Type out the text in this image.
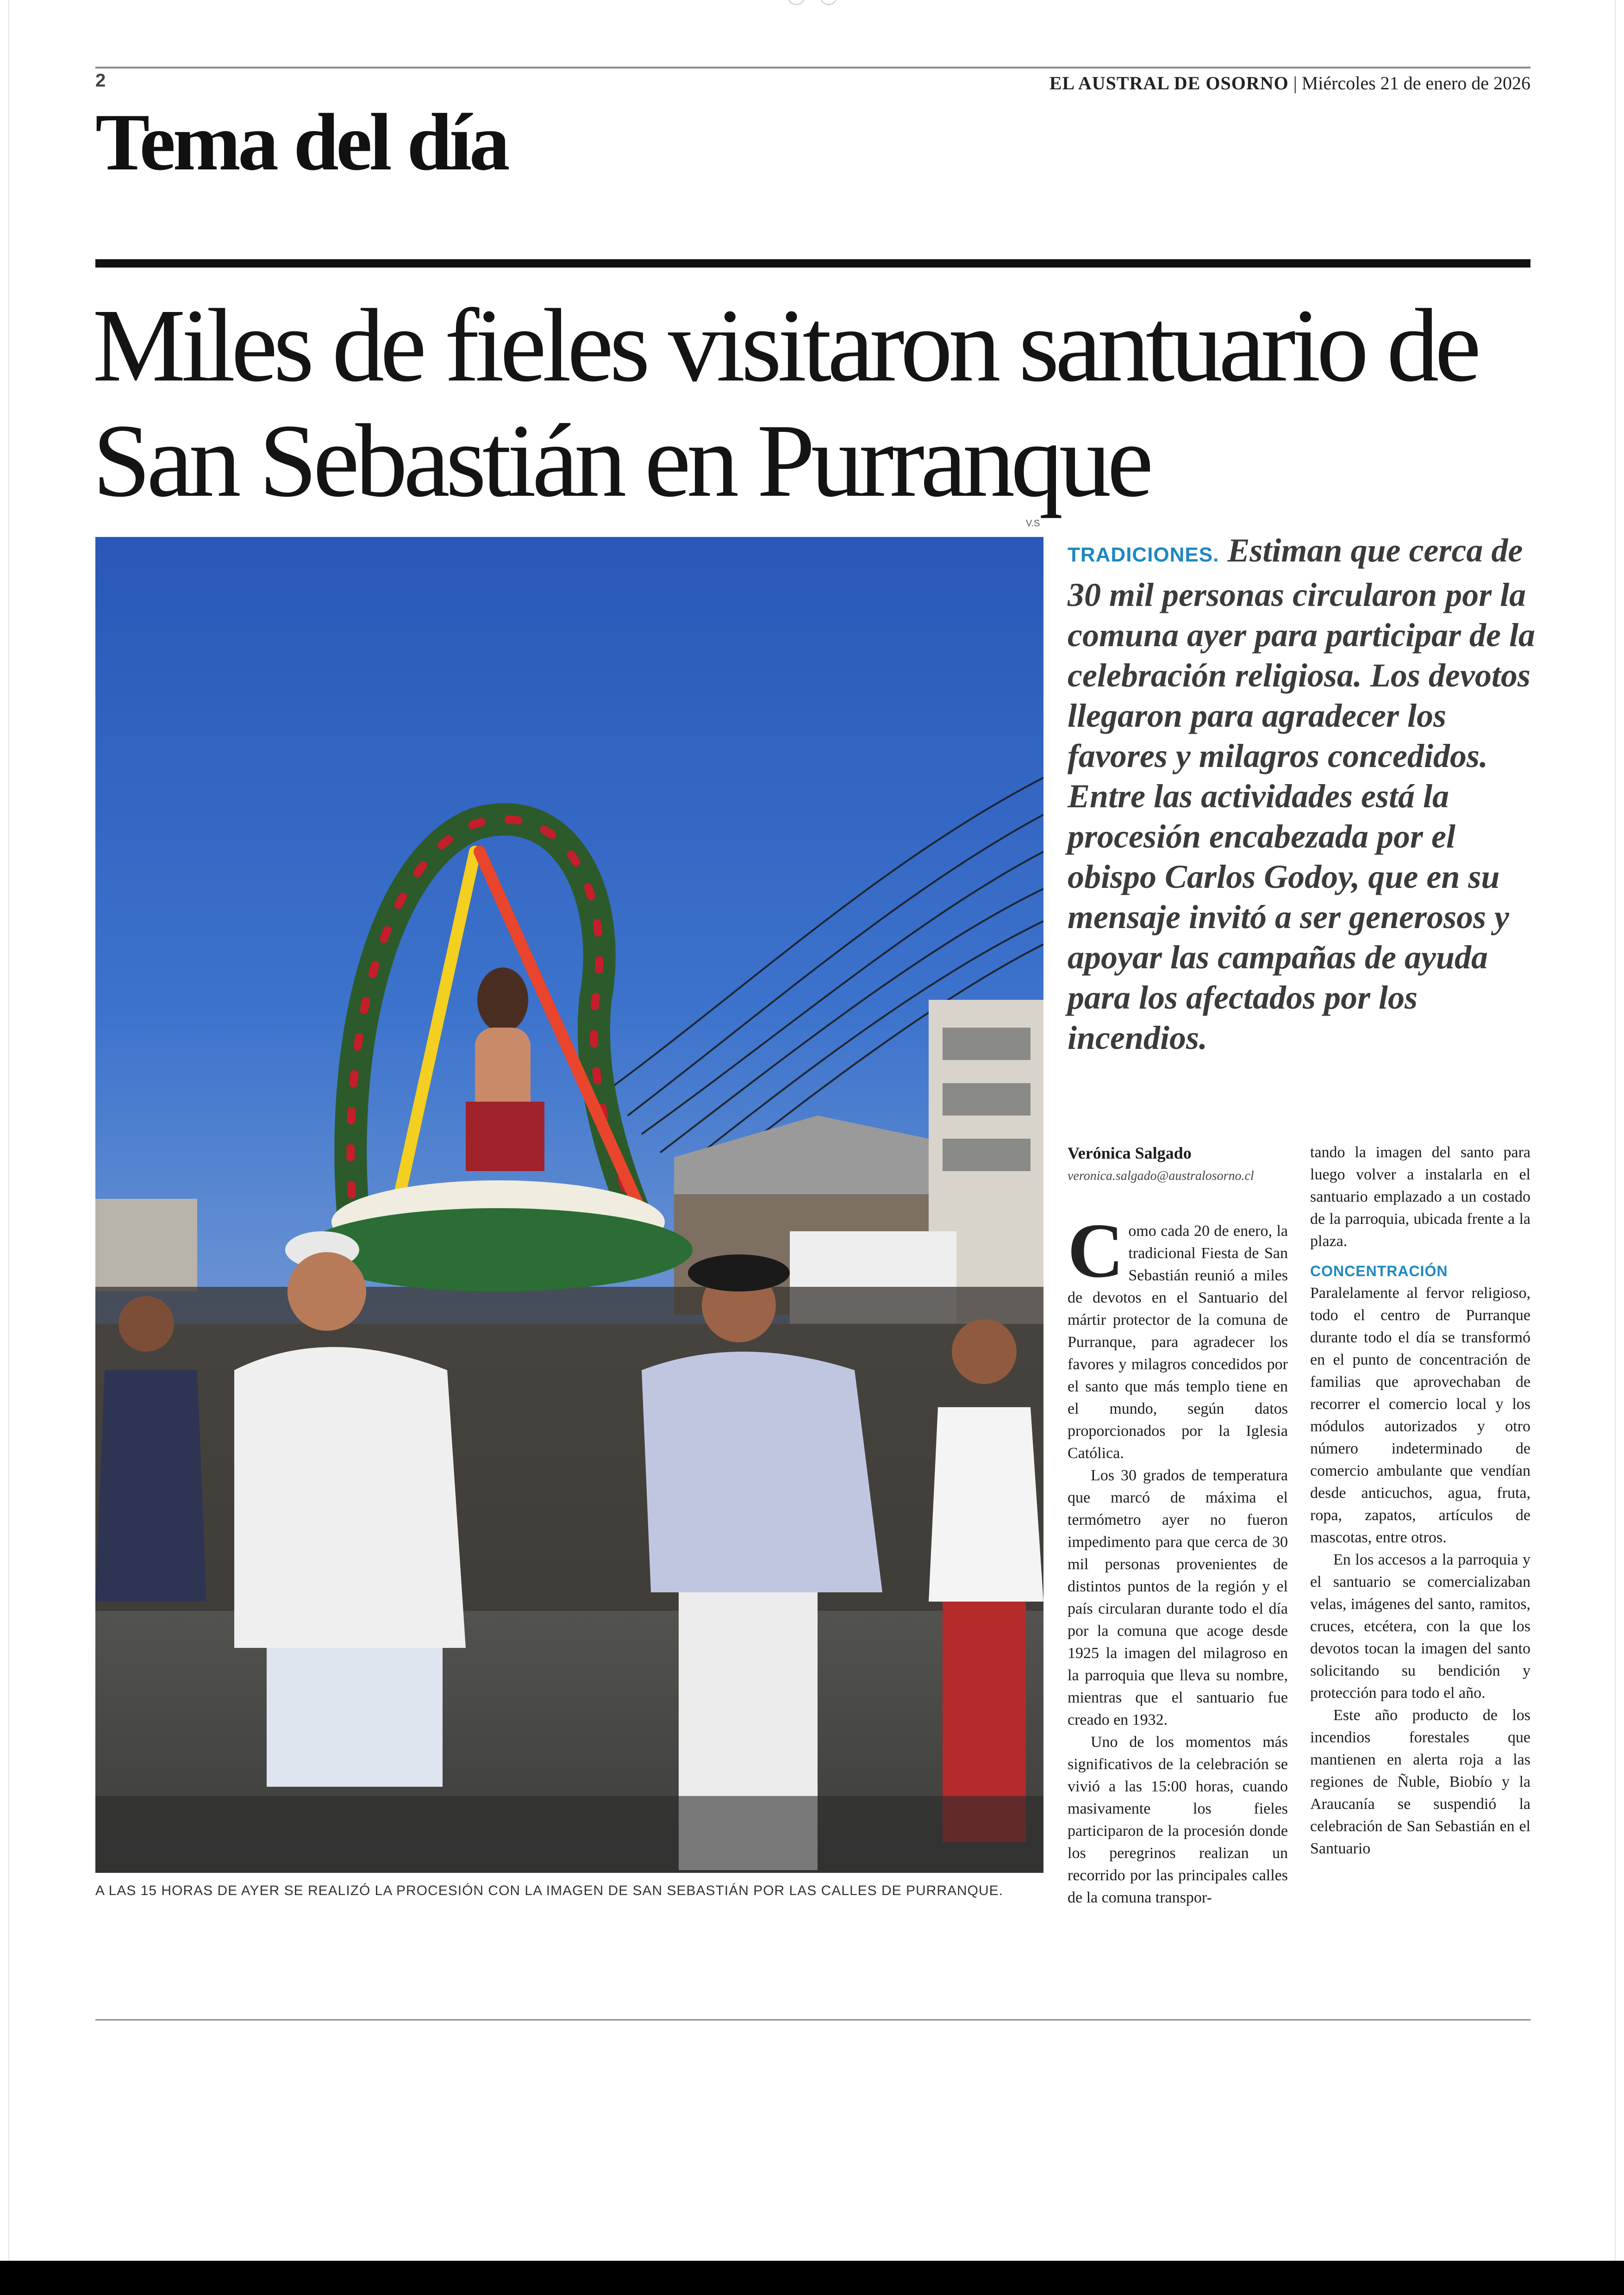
2	EL AUSTRAL DE OSORNO | Miércoles 21 de enero de 2026
Tema del día
Miles de fieles visitaron santuario de San Sebastián en Purranque
V.S
A LAS 15 HORAS DE AYER SE REALIZÓ LA PROCESIÓN CON LA IMAGEN DE SAN SEBASTIÁN POR LAS CALLES DE PURRANQUE.
TRADICIONES. Estiman que cerca de 30 mil personas circularon por la comuna ayer para participar de la celebración religiosa. Los devotos llegaron para agradecer los favores y milagros concedidos. Entre las actividades está la procesión encabezada por el obispo Carlos Godoy, que en su mensaje invitó a ser generosos y apoyar las campañas de ayuda para los afectados por los incendios.
Verónica Salgado
veronica.salgado@australosorno.cl

Como cada 20 de enero, la tradicional Fiesta de San Sebastián reunió a miles de devotos en el Santuario del mártir protector de la comuna de Purranque, para agradecer los favores y milagros concedidos por el santo que más templo tiene en el mundo, según datos proporcionados por la Iglesia Católica.

Los 30 grados de temperatura que marcó de máxima el termómetro ayer no fueron impedimento para que cerca de 30 mil personas provenientes de distintos puntos de la región y el país circularan durante todo el día por la comuna que acoge desde 1925 la imagen del milagroso en la parroquia que lleva su nombre, mientras que el santuario fue creado en 1932.

Uno de los momentos más significativos de la celebración se vivió a las 15:00 horas, cuando masivamente los fieles participaron de la procesión donde los peregrinos realizan un recorrido por las principales calles de la comuna transpor-

tando la imagen del santo para luego volver a instalarla en el santuario emplazado a un costado de la parroquia, ubicada frente a la plaza.

CONCENTRACIÓN

Paralelamente al fervor religioso, todo el centro de Purranque durante todo el día se transformó en el punto de concentración de familias que aprovechaban de recorrer el comercio local y los módulos autorizados y otro número indeterminado de comercio ambulante que vendían desde anticuchos, agua, fruta, ropa, zapatos, artículos de mascotas, entre otros.

En los accesos a la parroquia y el santuario se comercializaban velas, imágenes del santo, ramitos, cruces, etcétera, con la que los devotos tocan la imagen del santo solicitando su bendición y protección para todo el año.

Este año producto de los incendios forestales que mantienen en alerta roja a las regiones de Ñuble, Biobío y la Araucanía se suspendió la celebración de San Sebastián en el Santuario
